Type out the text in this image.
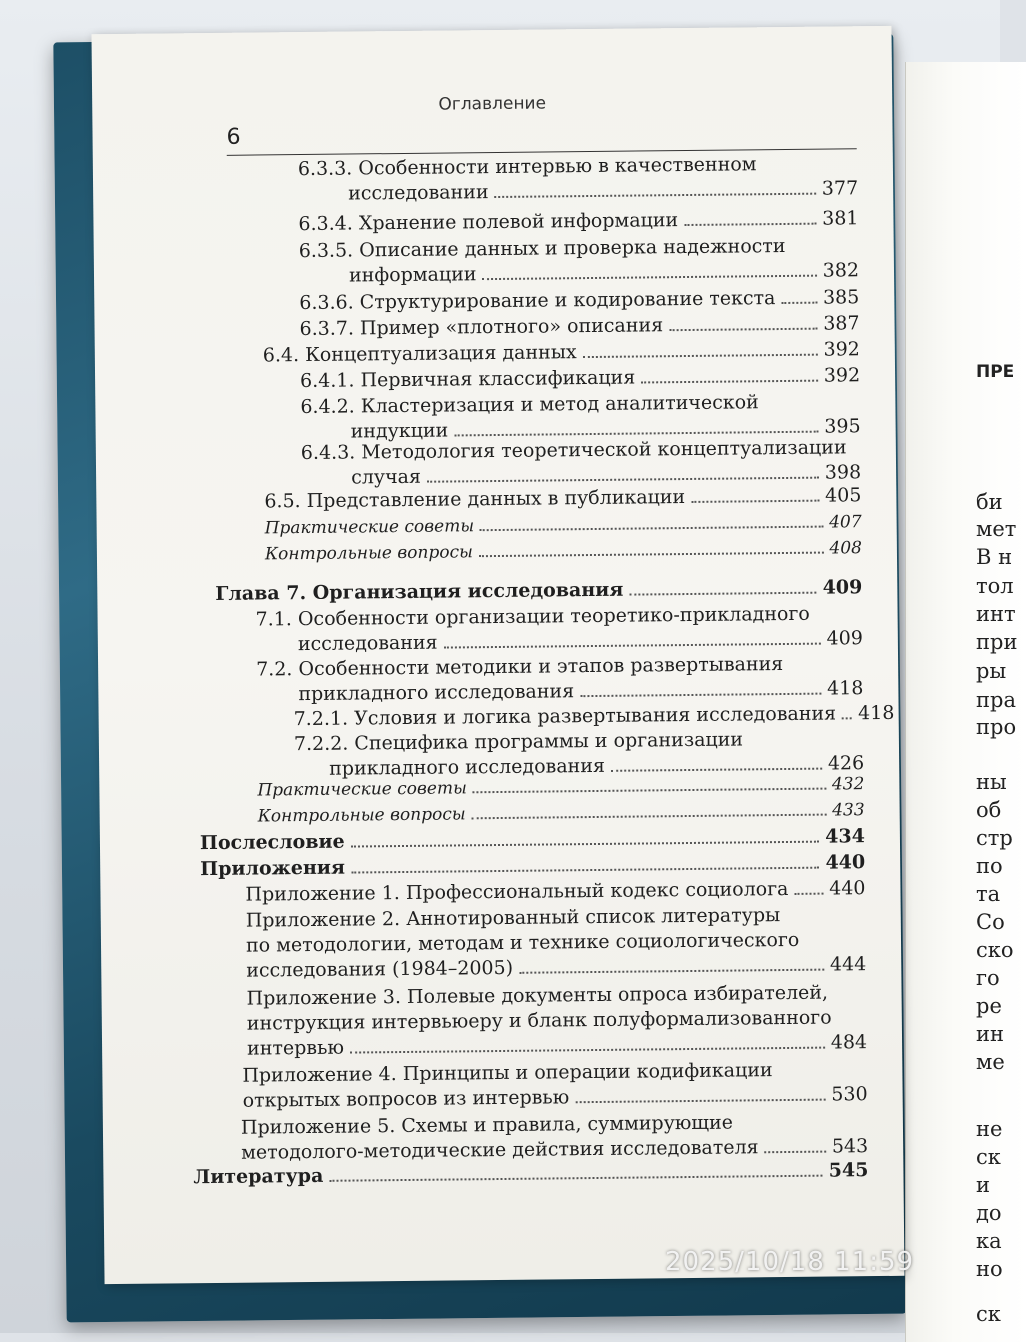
ПРЕ
би
мет
В н
тол
инт
при
ры
пра
про
ны
об
стр
по
та
Со
ско
го
ре
ин
ме
не
ск
и
до
ка
но
ск
Оглавление
6
6.3.3. Особенности интервью в качественном
исследовании	377
6.3.4. Хранение полевой информации	381
6.3.5. Описание данных и проверка надежности
информации	382
6.3.6. Структурирование и кодирование текста 385
6.3.7. Пример «плотного» описания	387
6.4. Концептуализация данных	392
6.4.1. Первичная классификация	392
6.4.2. Кластеризация и метод аналитической
индукции	395
6.4.3. Методология теоретической концептуализации
случая	398
6.5. Представление данных в публикации	405
Практические советы	407
Контрольные вопросы	408
Глава 7. Организация исследования	409
7.1. Особенности организации теоретико-прикладного
исследования	409
7.2. Особенности методики и этапов развертывания
прикладного исследования	418
7.2.1. Условия и логика развертывания исследования 418
7.2.2. Специфика программы и организации
прикладного исследования	426
Практические советы	432
Контрольные вопросы	433
Послесловие	434
Приложения	440
Приложение 1. Профессиональный кодекс социолога 440
Приложение 2. Аннотированный список литературы
по методологии, методам и технике социологического
исследования (1984–2005)	444
Приложение 3. Полевые документы опроса избирателей,
инструкция интервьюеру и бланк полуформализованного
интервью	484
Приложение 4. Принципы и операции кодификации
открытых вопросов из интервью	530
Приложение 5. Схемы и правила, суммирующие
методолого-методические действия исследователя	543
Литература	545
2025/10/18 11:59
